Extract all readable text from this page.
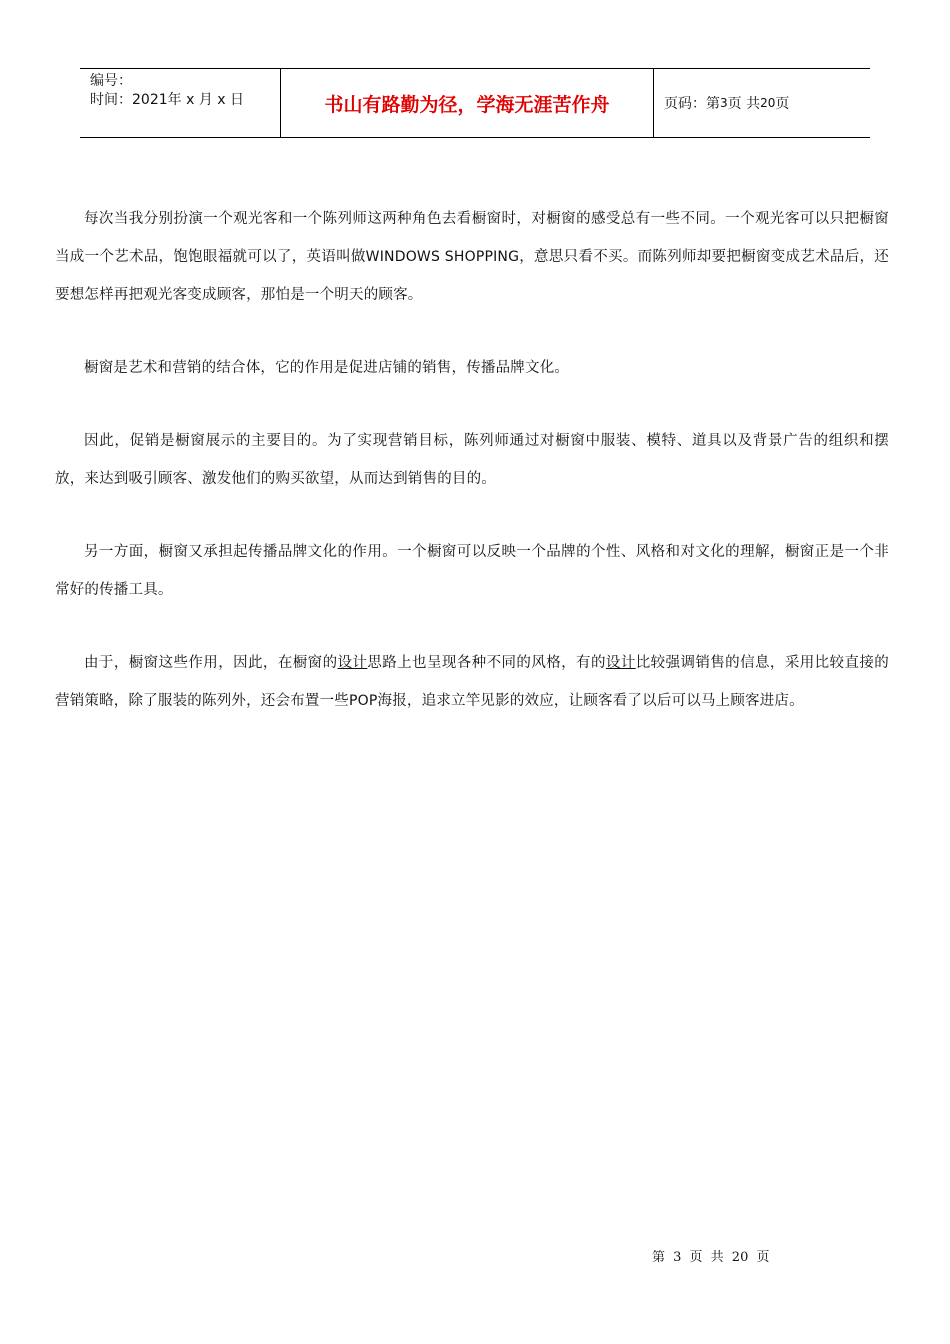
编号：
时间：2021年 x 月 x 日	书山有路勤为径，学海无涯苦作舟	页码：第 3 页 共 20 页

每次当我分别扮演一个观光客和一个陈列师这两种角色去看橱窗时，对橱窗的感受总有一些不同。一个观光客可以只把橱窗当成一个艺术品，饱饱眼福就可以了，英语叫做WINDOWS SHOPPING，意思只看不买。而陈列师却要把橱窗变成艺术品后，还要想怎样再把观光客变成顾客，那怕是一个明天的顾客。

橱窗是艺术和营销的结合体，它的作用是促进店铺的销售，传播品牌文化。

因此，促销是橱窗展示的主要目的。为了实现营销目标，陈列师通过对橱窗中服装、模特、道具以及背景广告的组织和摆放，来达到吸引顾客、激发他们的购买欲望，从而达到销售的目的。

另一方面，橱窗又承担起传播品牌文化的作用。一个橱窗可以反映一个品牌的个性、风格和对文化的理解，橱窗正是一个非常好的传播工具。

由于，橱窗这些作用，因此，在橱窗的设计思路上也呈现各种不同的风格，有的设计比较强调销售的信息，采用比较直接的营销策略，除了服装的陈列外，还会布置一些POP海报，追求立竿见影的效应，让顾客看了以后可以马上顾客进店。

第 3 页 共 20 页
